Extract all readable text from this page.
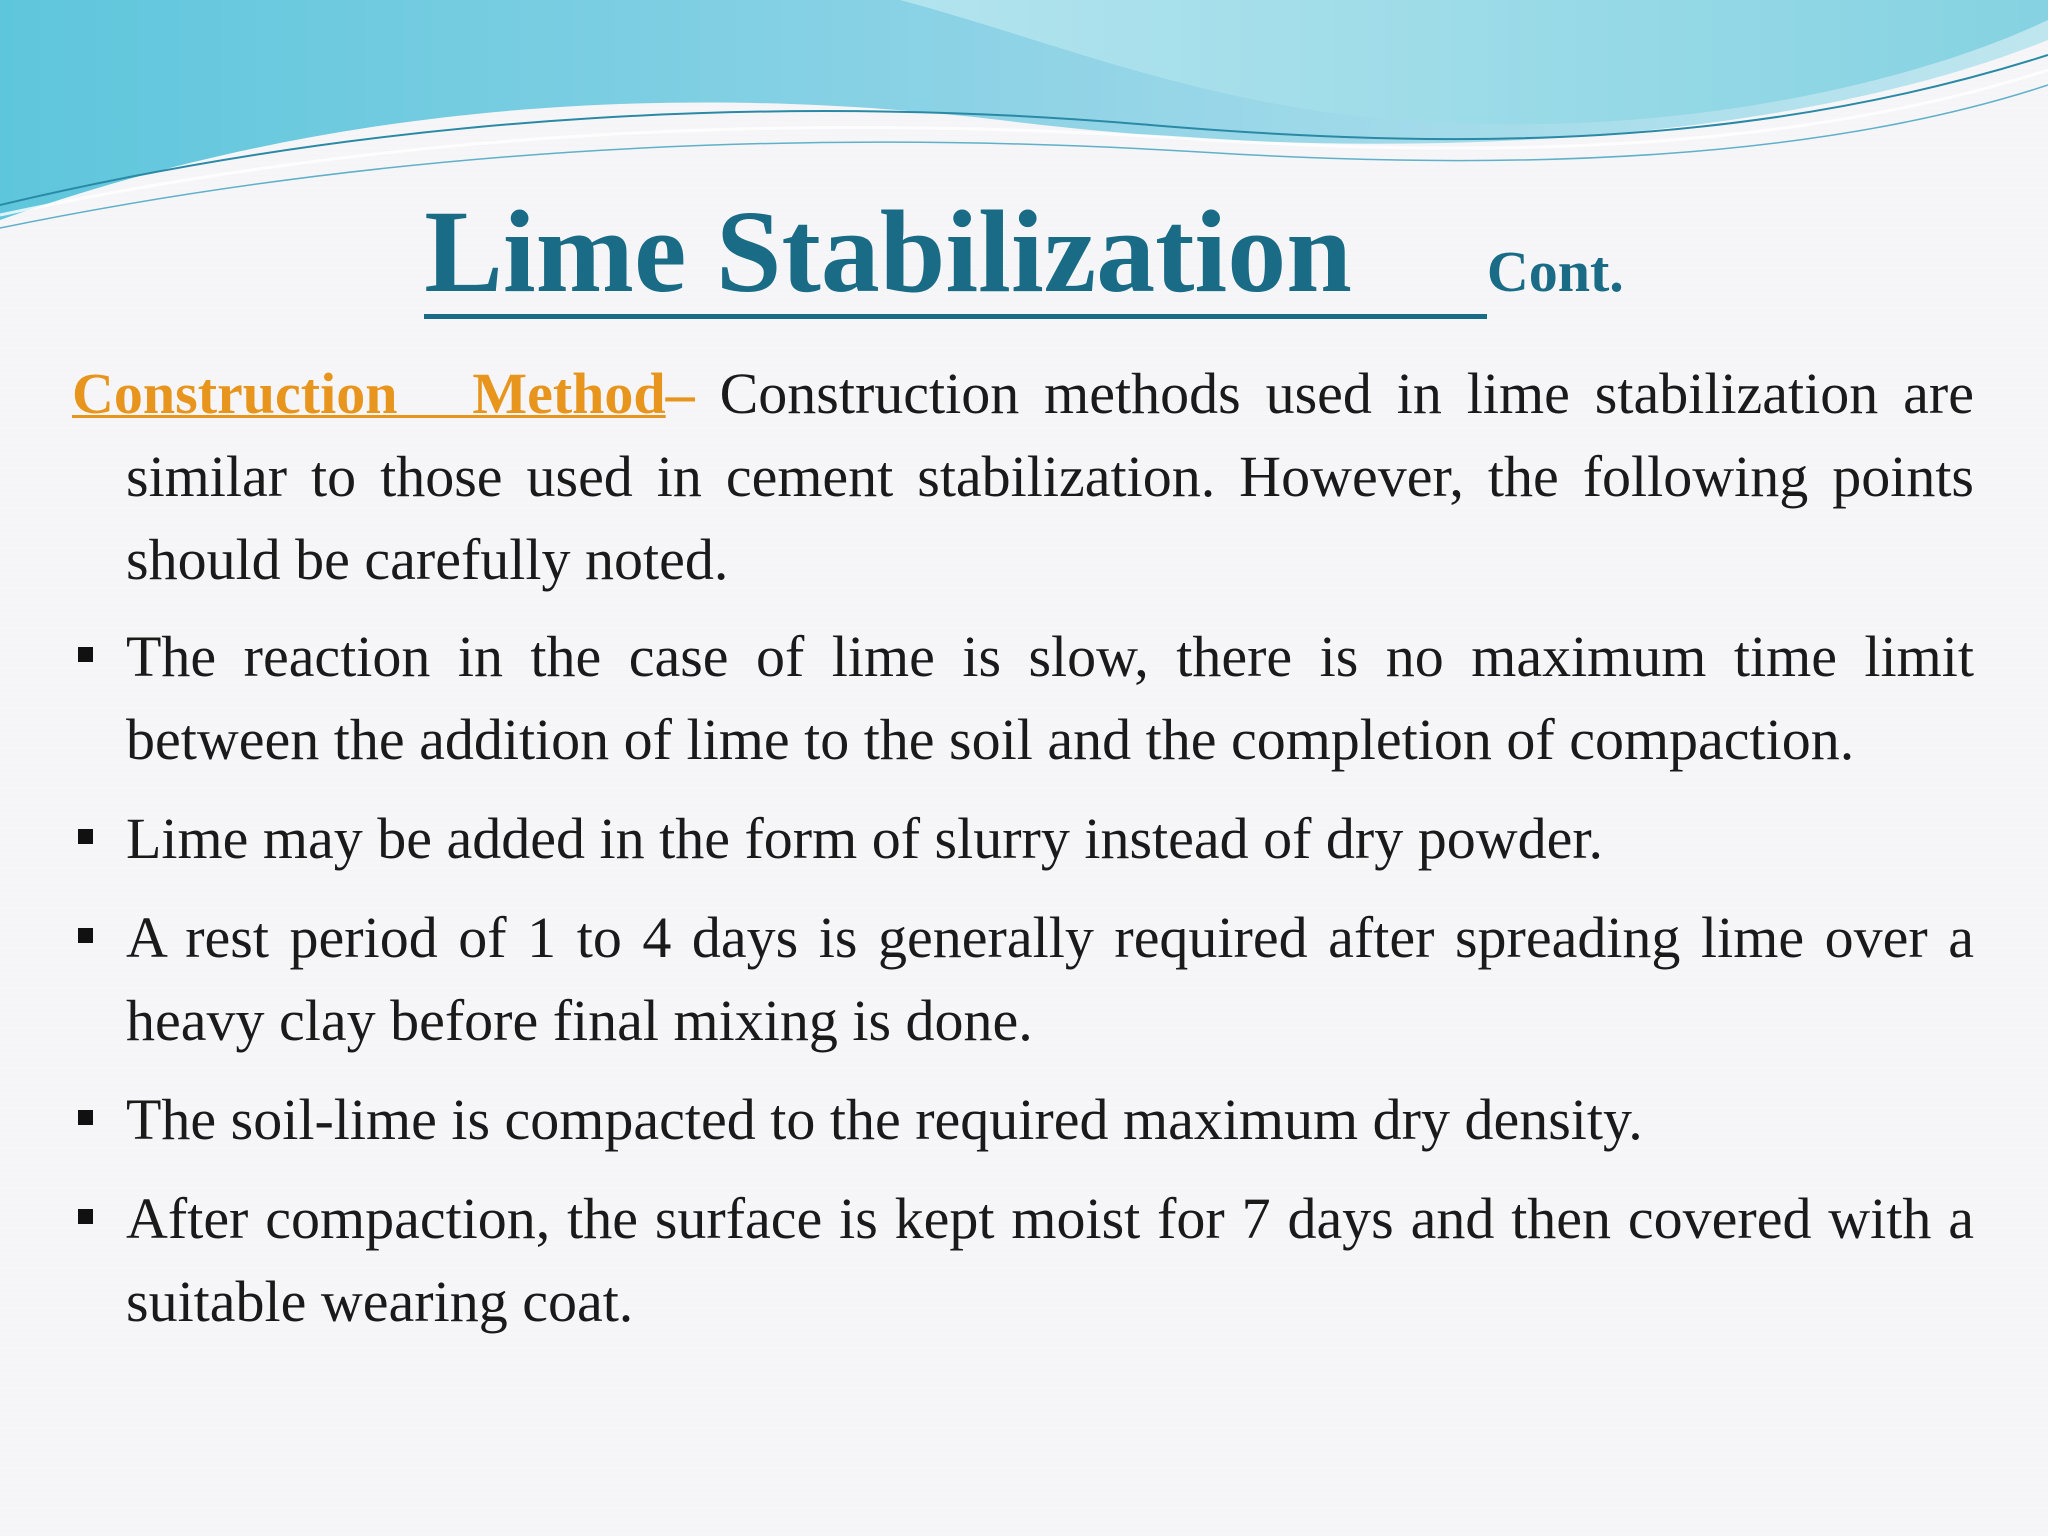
Lime Stabilization Cont.

Construction Method– Construction methods used in lime stabilization are similar to those used in cement stabilization. However, the following points should be carefully noted.

The reaction in the case of lime is slow, there is no maximum time limit between the addition of lime to the soil and the completion of compaction.
Lime may be added in the form of slurry instead of dry powder.
A rest period of 1 to 4 days is generally required after spreading lime over a heavy clay before final mixing is done.
The soil-lime is compacted to the required maximum dry density.
After compaction, the surface is kept moist for 7 days and then covered with a suitable wearing coat.
